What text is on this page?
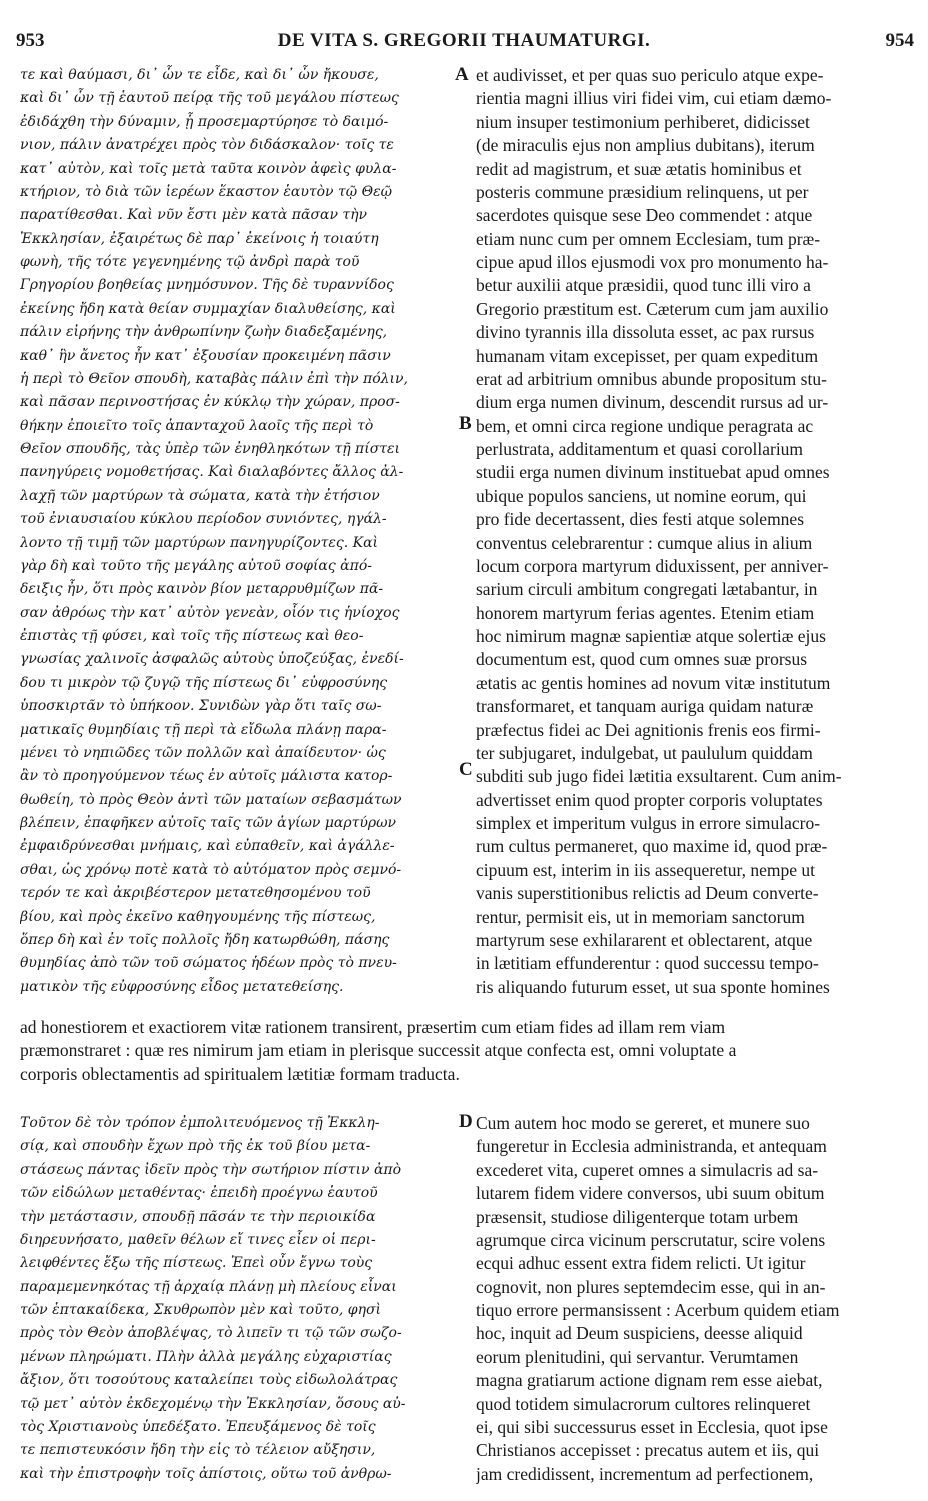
953	DE VITA S. GREGORII THAUMATURGI.	954
τε καὶ θαύμασι, δι᾽ ὧν τε εἶδε, καὶ δι᾽ ὧν ἤκουσε,
καὶ δι᾽ ὧν τῇ ἑαυτοῦ πείρᾳ τῆς τοῦ μεγάλου πίστεως
ἐδιδάχθη τὴν δύναμιν, ᾗ προσεμαρτύρησε τὸ δαιμό-
νιον, πάλιν ἀνατρέχει πρὸς τὸν διδάσκαλον· τοῖς τε
κατ᾽ αὐτὸν, καὶ τοῖς μετὰ ταῦτα κοινὸν ἀφεὶς φυλα-
κτήριον, τὸ διὰ τῶν ἱερέων ἕκαστον ἑαυτὸν τῷ Θεῷ
παρατίθεσθαι. Καὶ νῦν ἔστι μὲν κατὰ πᾶσαν τὴν
Ἐκκλησίαν, ἐξαιρέτως δὲ παρ᾽ ἐκείνοις ἡ τοιαύτη
φωνὴ, τῆς τότε γεγενημένης τῷ ἀνδρὶ παρὰ τοῦ
Γρηγορίου βοηθείας μνημόσυνον. Τῆς δὲ τυραννίδος
ἐκείνης ἤδη κατὰ θείαν συμμαχίαν διαλυθείσης, καὶ
πάλιν εἰρήνης τὴν ἀνθρωπίνην ζωὴν διαδεξαμένης,
καθ᾽ ἣν ἄνετος ἦν κατ᾽ ἐξουσίαν προκειμένη πᾶσιν
ἡ περὶ τὸ Θεῖον σπουδὴ, καταβὰς πάλιν ἐπὶ τὴν πόλιν,
καὶ πᾶσαν περινοστήσας ἐν κύκλῳ τὴν χώραν, προσ-
θήκην ἐποιεῖτο τοῖς ἁπανταχοῦ λαοῖς τῆς περὶ τὸ
Θεῖον σπουδῆς, τὰς ὑπὲρ τῶν ἐνηθληκότων τῇ πίστει
πανηγύρεις νομοθετήσας. Καὶ διαλαβόντες ἄλλος ἀλ-
λαχῇ τῶν μαρτύρων τὰ σώματα, κατὰ τὴν ἐτήσιον
τοῦ ἐνιαυσιαίου κύκλου περίοδον συνιόντες, ηγάλ-
λοντο τῇ τιμῇ τῶν μαρτύρων πανηγυρίζοντες. Καὶ
γὰρ δὴ καὶ τοῦτο τῆς μεγάλης αὐτοῦ σοφίας ἀπό-
δειξις ἦν, ὅτι πρὸς καινὸν βίον μεταρρυθμίζων πᾶ-
σαν ἀθρόως τὴν κατ᾽ αὐτὸν γενεὰν, οἷόν τις ἡνίοχος
ἐπιστὰς τῇ φύσει, καὶ τοῖς τῆς πίστεως καὶ θεο-
γνωσίας χαλινοῖς ἀσφαλῶς αὐτοὺς ὑποζεύξας, ἐνεδί-
δου τι μικρὸν τῷ ζυγῷ τῆς πίστεως δι᾽ εὐφροσύνης
ὑποσκιρτᾶν τὸ ὑπήκοον. Συνιδὼν γὰρ ὅτι ταῖς σω-
ματικαῖς θυμηδίαις τῇ περὶ τὰ εἴδωλα πλάνῃ παρα-
μένει τὸ νηπιῶδες τῶν πολλῶν καὶ ἀπαίδευτον· ὡς
ἂν τὸ προηγούμενον τέως ἐν αὐτοῖς μάλιστα κατορ-
θωθείη, τὸ πρὸς Θεὸν ἀντὶ τῶν ματαίων σεβασμάτων
βλέπειν, ἐπαφῆκεν αὐτοῖς ταῖς τῶν ἁγίων μαρτύρων
ἐμφαιδρύνεσθαι μνήμαις, καὶ εὐπαθεῖν, καὶ ἀγάλλε-
σθαι, ὡς χρόνῳ ποτὲ κατὰ τὸ αὐτόματον πρὸς σεμνό-
τερόν τε καὶ ἀκριβέστερον μετατεθησομένου τοῦ
βίου, καὶ πρὸς ἐκεῖνο καθηγουμένης τῆς πίστεως,
ὅπερ δὴ καὶ ἐν τοῖς πολλοῖς ἤδη κατωρθώθη, πάσης
θυμηδίας ἀπὸ τῶν τοῦ σώματος ἡδέων πρὸς τὸ πνευ-
ματικὸν τῆς εὐφροσύνης εἶδος μετατεθείσης.
et audivisset, et per quas suo periculo atque expe-
rientia magni illius viri fidei vim, cui etiam dæmo-
nium insuper testimonium perhiberet, didicisset
(de miraculis ejus non amplius dubitans), iterum
redit ad magistrum, et suæ ætatis hominibus et
posteris commune præsidium relinquens, ut per
sacerdotes quisque sese Deo commendet : atque
etiam nunc cum per omnem Ecclesiam, tum præ-
cipue apud illos ejusmodi vox pro monumento ha-
betur auxilii atque præsidii, quod tunc illi viro a
Gregorio præstitum est. Cæterum cum jam auxilio
divino tyrannis illa dissoluta esset, ac pax rursus
humanam vitam excepisset, per quam expeditum
erat ad arbitrium omnibus abunde propositum stu-
dium erga numen divinum, descendit rursus ad ur-
bem, et omni circa regione undique peragrata ac
perlustrata, additamentum et quasi corollarium
studii erga numen divinum instituebat apud omnes
ubique populos sanciens, ut nomine eorum, qui
pro fide decertassent, dies festi atque solemnes
conventus celebrarentur : cumque alius in alium
locum corpora martyrum diduxissent, per anniver-
sarium circuli ambitum congregati lætabantur, in
honorem martyrum ferias agentes. Etenim etiam
hoc nimirum magnæ sapientiæ atque solertiæ ejus
documentum est, quod cum omnes suæ prorsus
ætatis ac gentis homines ad novum vitæ institutum
transformaret, et tanquam auriga quidam naturæ
præfectus fidei ac Dei agnitionis frenis eos firmi-
ter subjugaret, indulgebat, ut paululum quiddam
subditi sub jugo fidei lætitia exsultarent. Cum anim-
advertisset enim quod propter corporis voluptates
simplex et imperitum vulgus in errore simulacro-
rum cultus permaneret, quo maxime id, quod præ-
cipuum est, interim in iis assequeretur, nempe ut
vanis superstitionibus relictis ad Deum converte-
rentur, permisit eis, ut in memoriam sanctorum
martyrum sese exhilararent et oblectarent, atque
in lætitiam effunderentur : quod successu tempo-
ris aliquando futurum esset, ut sua sponte homines
A
B
C
D
ad honestiorem et exactiorem vitæ rationem transirent, præsertim cum etiam fides ad illam rem viam
præmonstraret : quæ res nimirum jam etiam in plerisque successit atque confecta est, omni voluptate a
corporis oblectamentis ad spiritualem lætitiæ formam traducta.
Τοῦτον δὲ τὸν τρόπον ἐμπολιτευόμενος τῇ Ἐκκλη-
σίᾳ, καὶ σπουδὴν ἔχων πρὸ τῆς ἐκ τοῦ βίου μετα-
στάσεως πάντας ἰδεῖν πρὸς τὴν σωτήριον πίστιν ἀπὸ
τῶν εἰδώλων μεταθέντας· ἐπειδὴ προέγνω ἑαυτοῦ
τὴν μετάστασιν, σπουδῇ πᾶσάν τε τὴν περιοικίδα
διηρευνήσατο, μαθεῖν θέλων εἴ τινες εἶεν οἱ περι-
λειφθέντες ἔξω τῆς πίστεως. Ἐπεὶ οὖν ἔγνω τοὺς
παραμεμενηκότας τῇ ἀρχαίᾳ πλάνῃ μὴ πλείους εἶναι
τῶν ἑπτακαίδεκα, Σκυθρωπὸν μὲν καὶ τοῦτο, φησὶ
πρὸς τὸν Θεὸν ἀποβλέψας, τὸ λιπεῖν τι τῷ τῶν σωζο-
μένων πληρώματι. Πλὴν ἀλλὰ μεγάλης εὐχαριστίας
ἄξιον, ὅτι τοσούτους καταλείπει τοὺς εἰδωλολάτρας
τῷ μετ᾽ αὐτὸν ἐκδεχομένῳ τὴν Ἐκκλησίαν, ὅσους αὐ-
τὸς Χριστιανοὺς ὑπεδέξατο. Ἐπευξάμενος δὲ τοῖς
τε πεπιστευκόσιν ἤδη τὴν εἰς τὸ τέλειον αὔξησιν,
καὶ τὴν ἐπιστροφὴν τοῖς ἀπίστοις, οὕτω τοῦ ἀνθρω-
Cum autem hoc modo se gereret, et munere suo
fungeretur in Ecclesia administranda, et antequam
excederet vita, cuperet omnes a simulacris ad sa-
lutarem fidem videre conversos, ubi suum obitum
præsensit, studiose diligenterque totam urbem
agrumque circa vicinum perscrutatur, scire volens
ecqui adhuc essent extra fidem relicti. Ut igitur
cognovit, non plures septemdecim esse, qui in an-
tiquo errore permansissent : Acerbum quidem etiam
hoc, inquit ad Deum suspiciens, deesse aliquid
eorum plenitudini, qui servantur. Verumtamen
magna gratiarum actione dignam rem esse aiebat,
quod totidem simulacrorum cultores relinqueret
ei, qui sibi successurus esset in Ecclesia, quot ipse
Christianos accepisset : precatus autem et iis, qui
jam credidissent, incrementum ad perfectionem,
